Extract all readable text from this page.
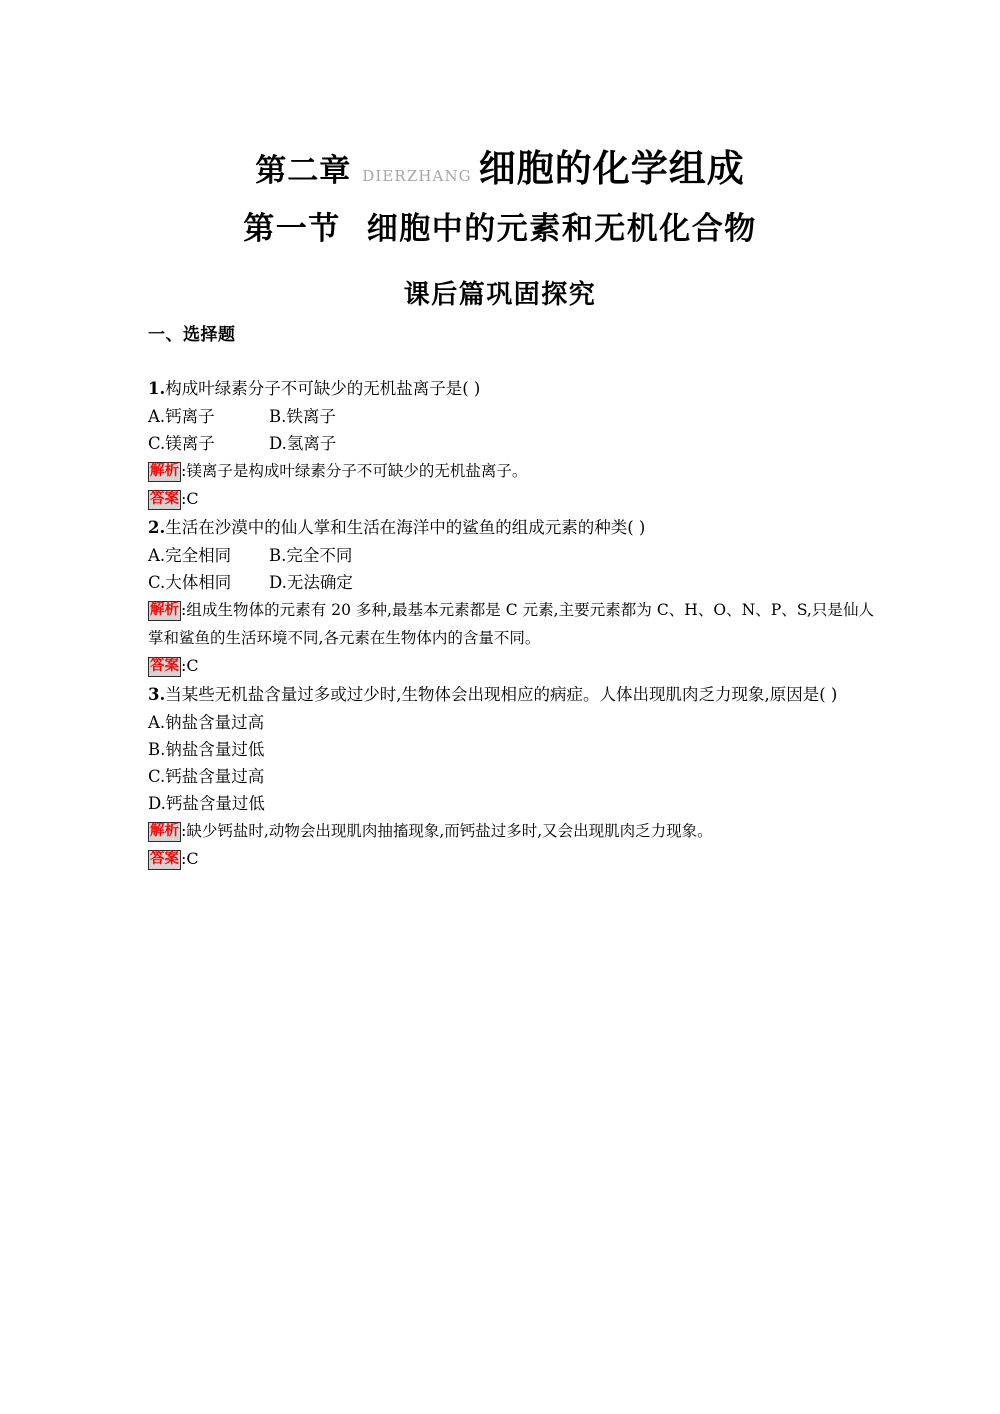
第二章 DIERZHANG 细胞的化学组成
第一节 细胞中的元素和无机化合物
课后篇巩固探究
一、选择题
1.构成叶绿素分子不可缺少的无机盐离子是( )
A.钙离子	B.铁离子
C.镁离子	D.氢离子
解析 :镁离子是构成叶绿素分子不可缺少的无机盐离子。
答案 :C
2.生活在沙漠中的仙人掌和生活在海洋中的鲨鱼的组成元素的种类( )
A.完全相同 B.完全不同
C.大体相同 D.无法确定
解析 :组成生物体的元素有 20 多种,最基本元素都是 C 元素,主要元素都为 C、H、O、N、P、S,只是仙人掌和鲨鱼的生活环境不同,各元素在生物体内的含量不同。
答案 :C
3.当某些无机盐含量过多或过少时,生物体会出现相应的病症。人体出现肌肉乏力现象,原因是( )
A.钠盐含量过高
B.钠盐含量过低
C.钙盐含量过高
D.钙盐含量过低
解析 :缺少钙盐时,动物会出现肌肉抽搐现象,而钙盐过多时,又会出现肌肉乏力现象。
答案 :C
